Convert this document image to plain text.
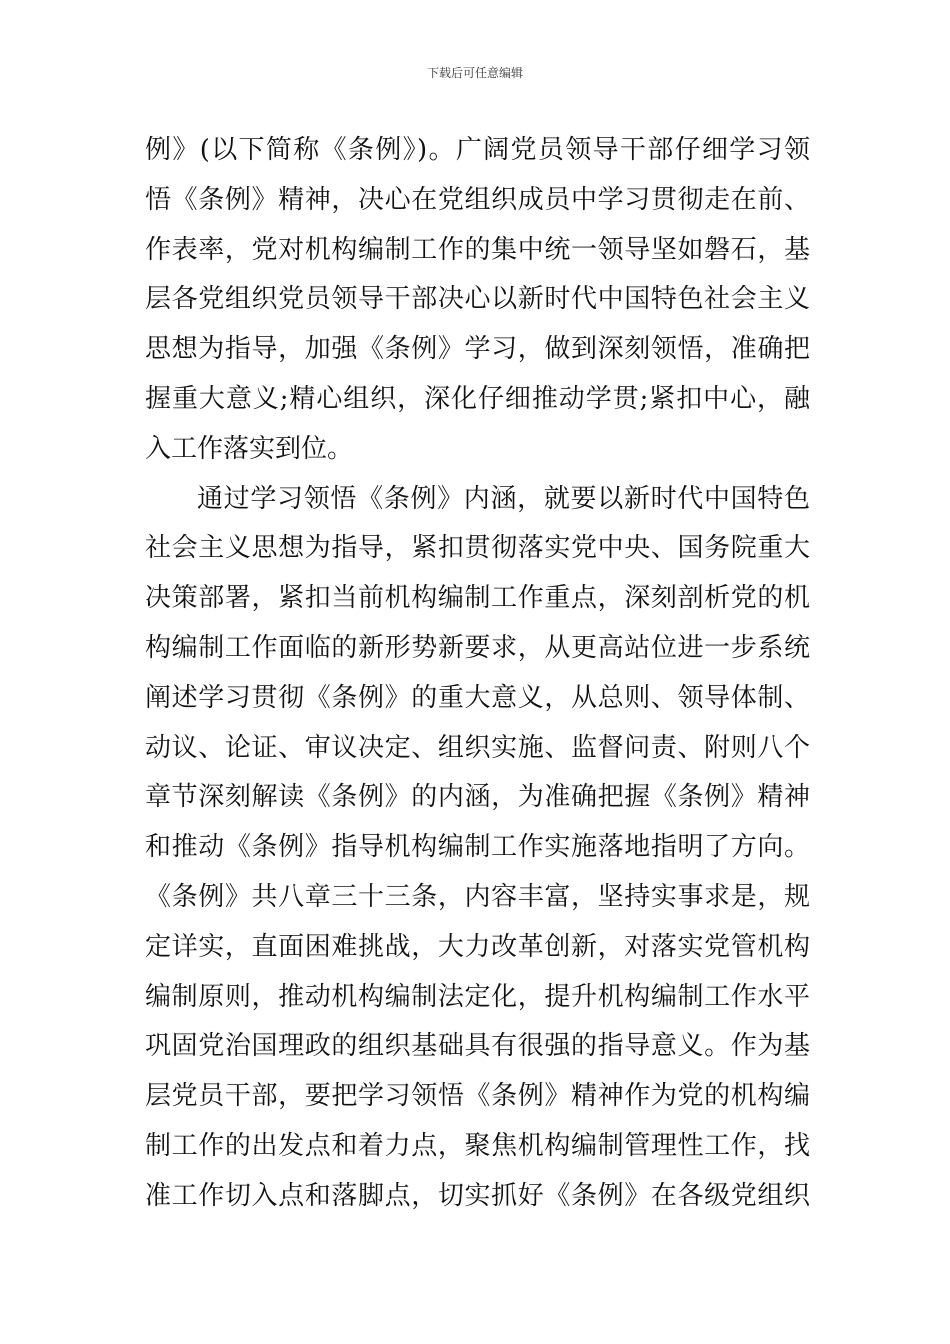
下载后可任意编辑
例》(以下简称《条例》)。广阔党员领导干部仔细学习领
悟《条例》精神，决心在党组织成员中学习贯彻走在前、
作表率，党对机构编制工作的集中统一领导坚如磐石，基
层各党组织党员领导干部决心以新时代中国特色社会主义
思想为指导，加强《条例》学习，做到深刻领悟，准确把
握重大意义;精心组织，深化仔细推动学贯;紧扣中心，融
入工作落实到位。
通过学习领悟《条例》内涵，就要以新时代中国特色
社会主义思想为指导，紧扣贯彻落实党中央、国务院重大
决策部署，紧扣当前机构编制工作重点，深刻剖析党的机
构编制工作面临的新形势新要求，从更高站位进一步系统
阐述学习贯彻《条例》的重大意义，从总则、领导体制、
动议、论证、审议决定、组织实施、监督问责、附则八个
章节深刻解读《条例》的内涵，为准确把握《条例》精神
和推动《条例》指导机构编制工作实施落地指明了方向。
《条例》共八章三十三条，内容丰富，坚持实事求是，规
定详实，直面困难挑战，大力改革创新，对落实党管机构
编制原则，推动机构编制法定化，提升机构编制工作水平
巩固党治国理政的组织基础具有很强的指导意义。作为基
层党员干部，要把学习领悟《条例》精神作为党的机构编
制工作的出发点和着力点，聚焦机构编制管理性工作，找
准工作切入点和落脚点，切实抓好《条例》在各级党组织
